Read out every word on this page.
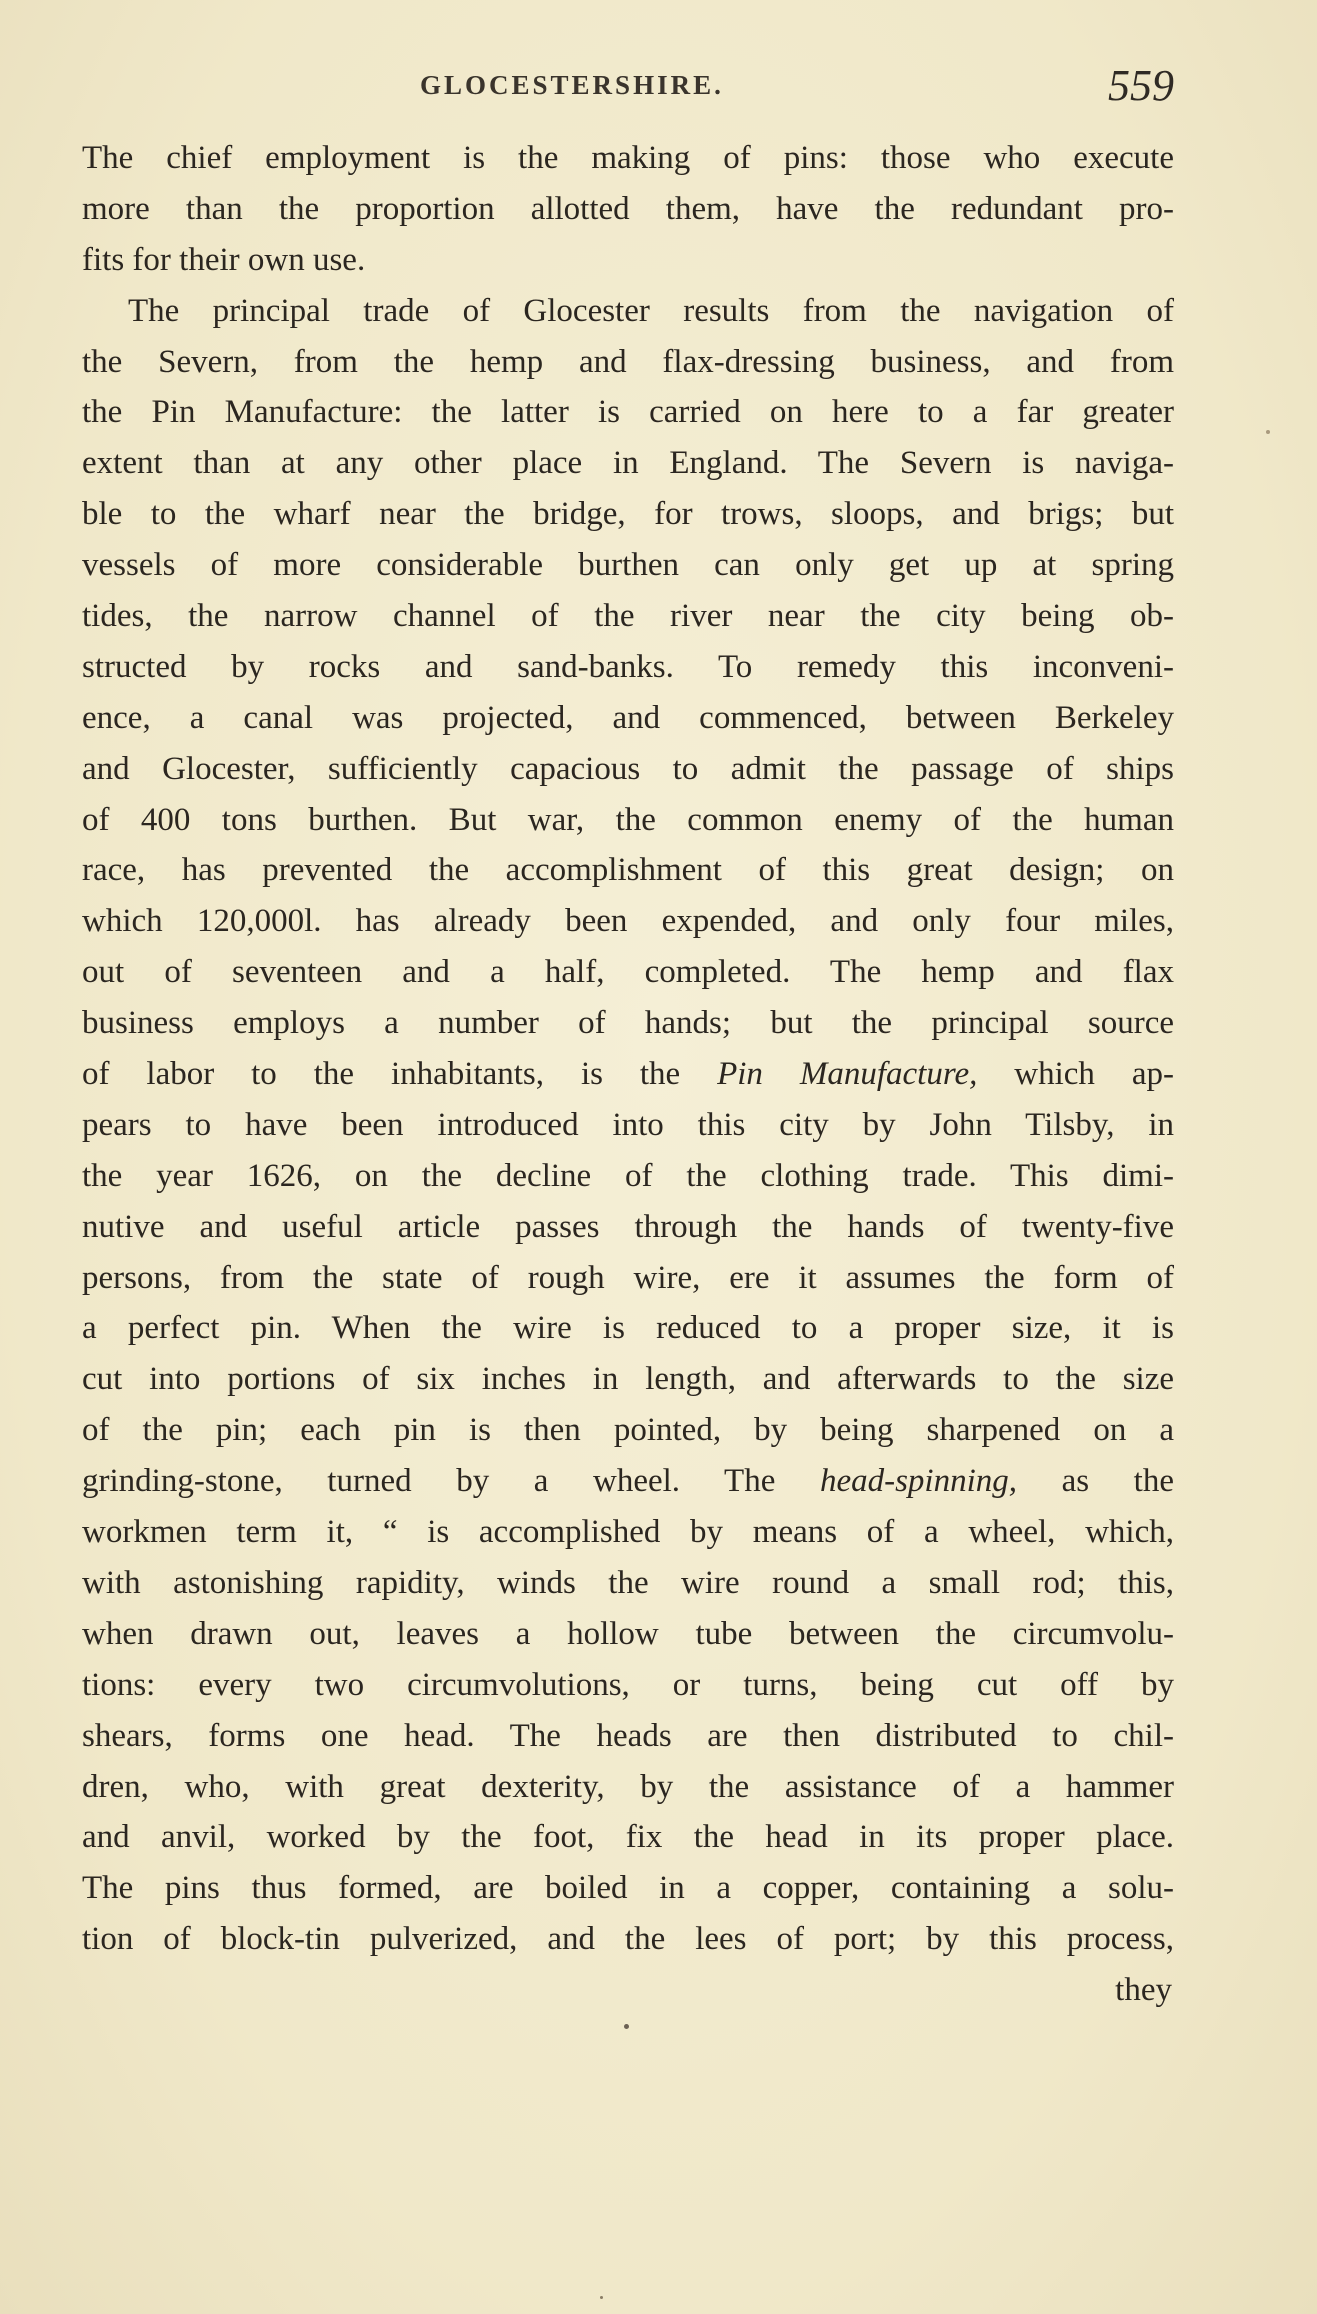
GLOCESTERSHIRE.	559
The chief employment is the making of pins: those who execute
more than the proportion allotted them, have the redundant pro-
fits for their own use.
The principal trade of Glocester results from the navigation of
the Severn, from the hemp and flax-dressing business, and from
the Pin Manufacture: the latter is carried on here to a far greater
extent than at any other place in England. The Severn is naviga-
ble to the wharf near the bridge, for trows, sloops, and brigs; but
vessels of more considerable burthen can only get up at spring
tides, the narrow channel of the river near the city being ob-
structed by rocks and sand-banks. To remedy this inconveni-
ence, a canal was projected, and commenced, between Berkeley
and Glocester, sufficiently capacious to admit the passage of ships
of 400 tons burthen. But war, the common enemy of the human
race, has prevented the accomplishment of this great design; on
which 120,000l. has already been expended, and only four miles,
out of seventeen and a half, completed. The hemp and flax
business employs a number of hands; but the principal source
of labor to the inhabitants, is the Pin Manufacture, which ap-
pears to have been introduced into this city by John Tilsby, in
the year 1626, on the decline of the clothing trade. This dimi-
nutive and useful article passes through the hands of twenty-five
persons, from the state of rough wire, ere it assumes the form of
a perfect pin. When the wire is reduced to a proper size, it is
cut into portions of six inches in length, and afterwards to the size
of the pin; each pin is then pointed, by being sharpened on a
grinding-stone, turned by a wheel. The head-spinning, as the
workmen term it, “ is accomplished by means of a wheel, which,
with astonishing rapidity, winds the wire round a small rod; this,
when drawn out, leaves a hollow tube between the circumvolu-
tions: every two circumvolutions, or turns, being cut off by
shears, forms one head. The heads are then distributed to chil-
dren, who, with great dexterity, by the assistance of a hammer
and anvil, worked by the foot, fix the head in its proper place.
The pins thus formed, are boiled in a copper, containing a solu-
tion of block-tin pulverized, and the lees of port; by this process,
they
